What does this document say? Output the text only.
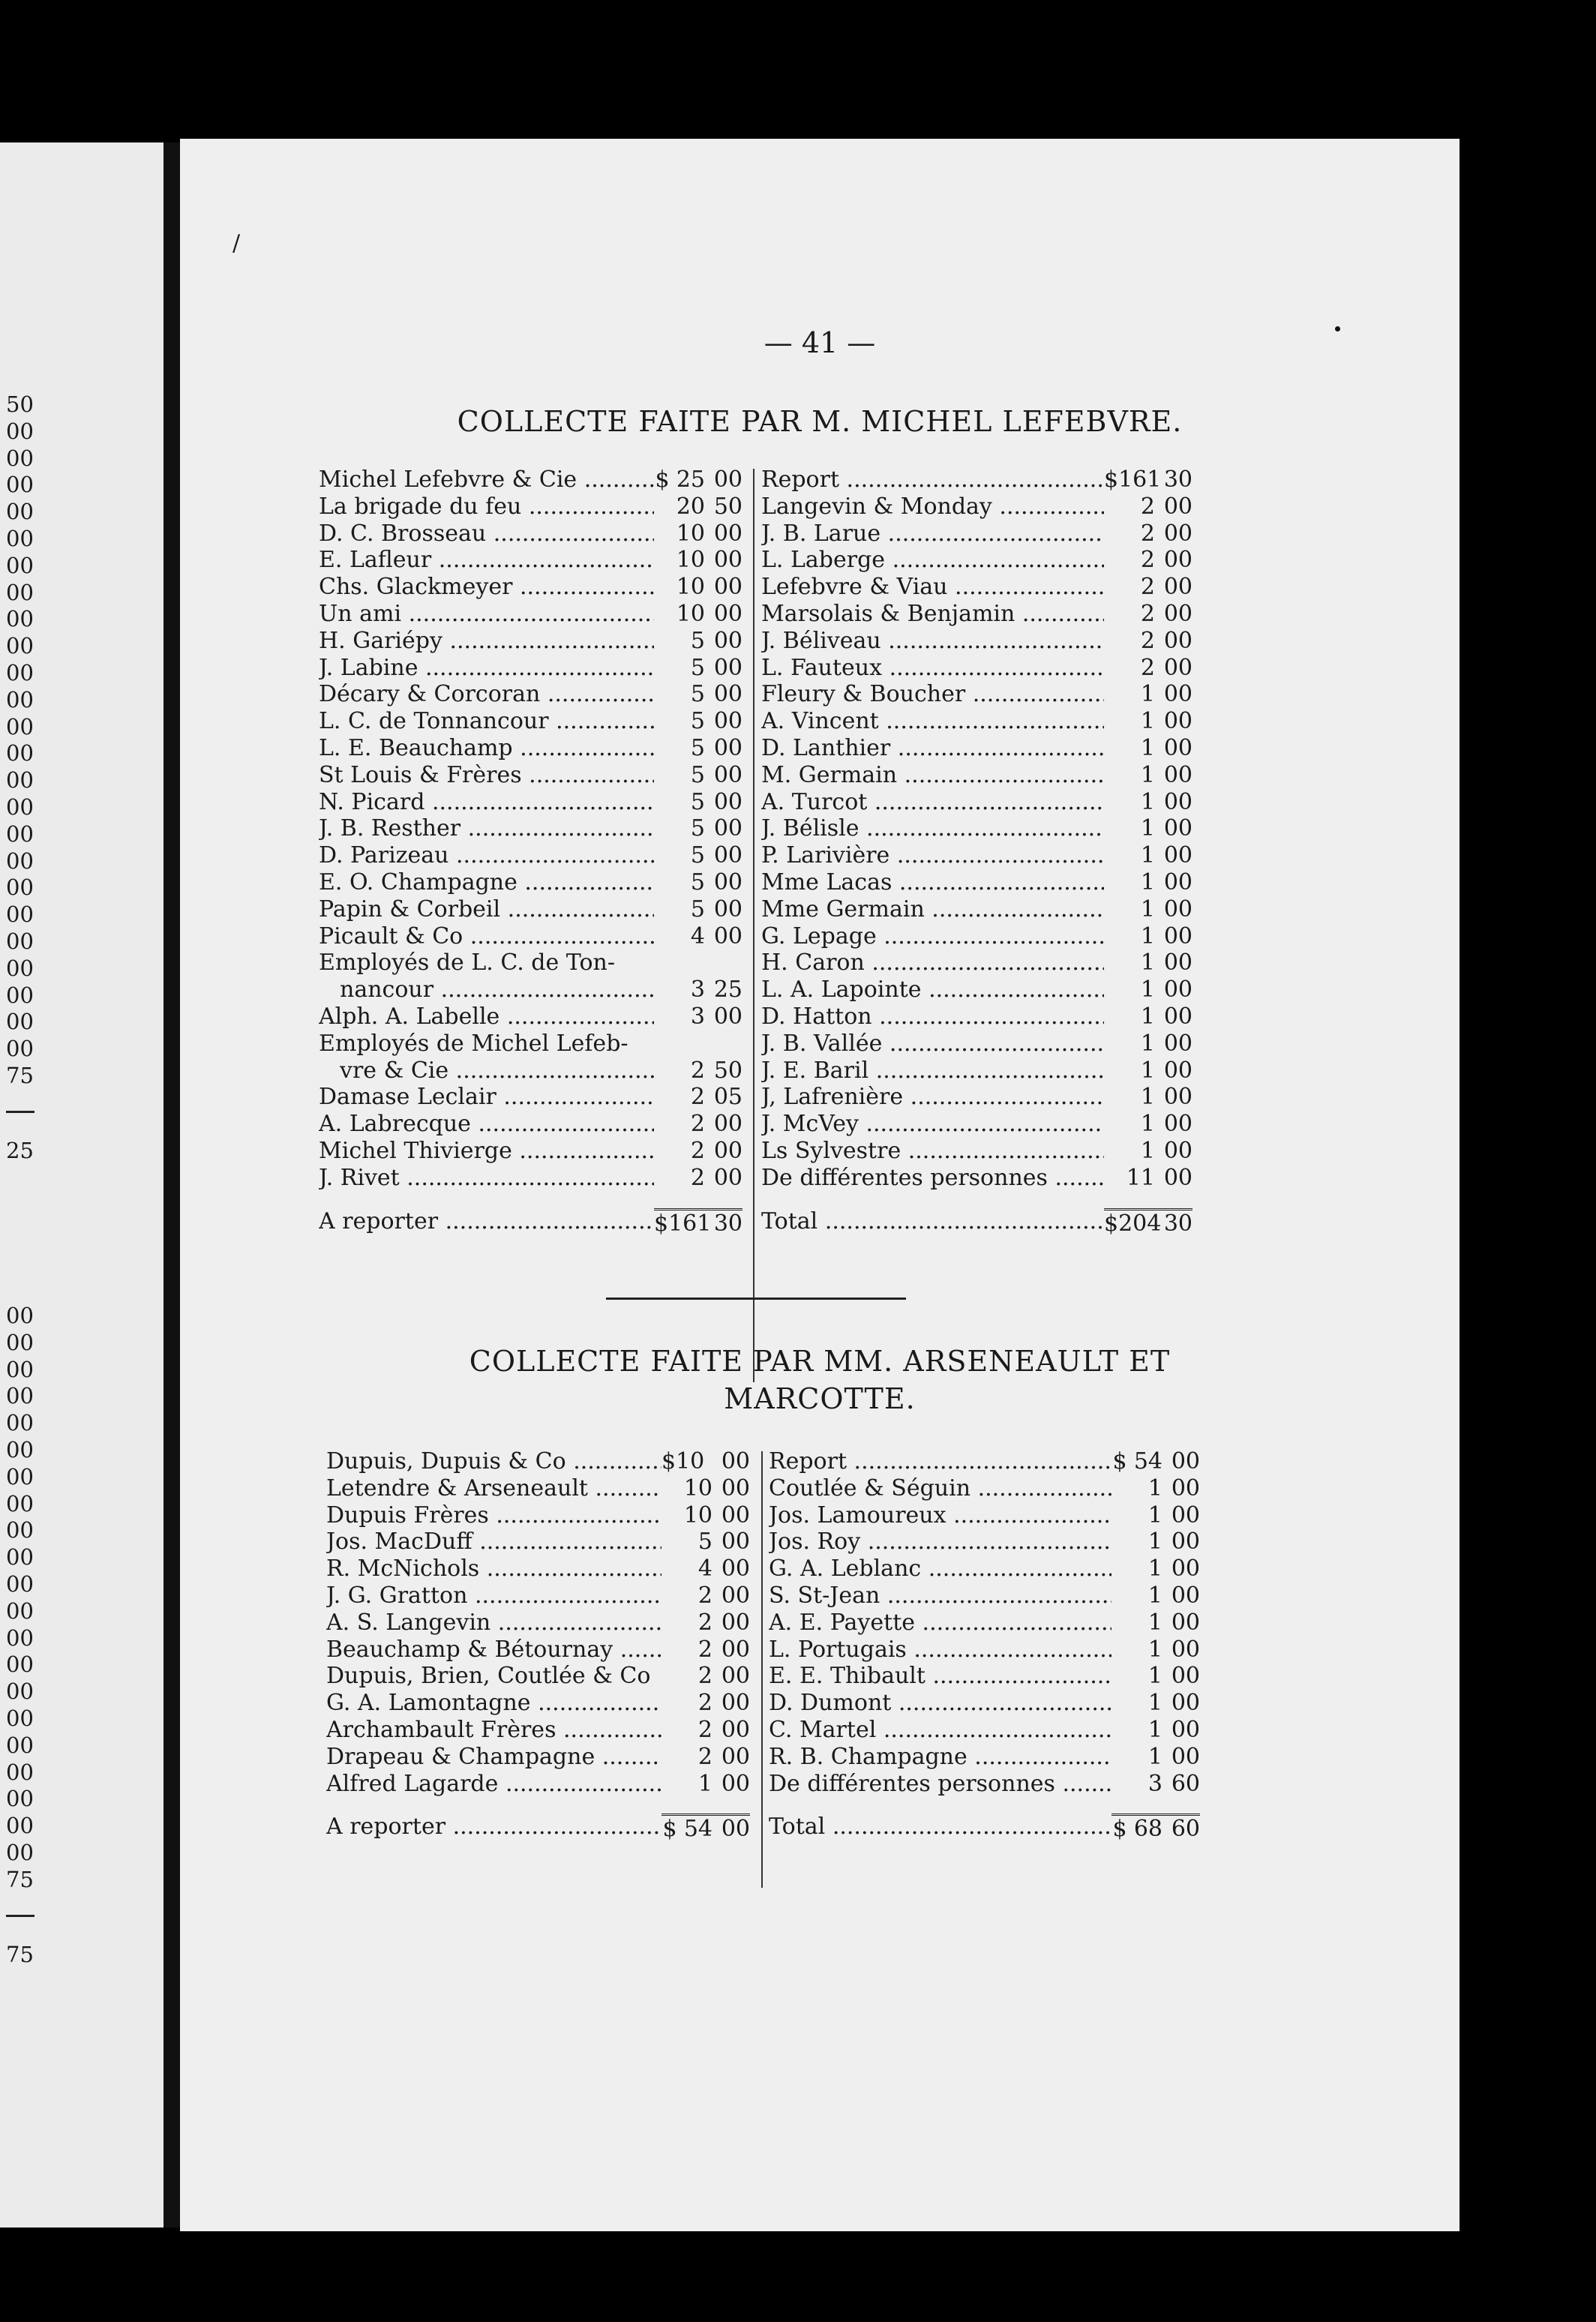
50
00
00
00
00
00
00
00
00
00
00
00
00
00
00
00
00
00
00
00
00
00
00
00
00
75
25
00
00
00
00
00
00
00
00
00
00
00
00
00
00
00
00
00
00
00
00
00
75
75
/
— 41 —
COLLECTE FAITE PAR M. MICHEL LEFEBVRE.
Michel Lefebvre & Cie .....	$ 25 00
La brigade du feu .....	20 50
D. C. Brosseau .....	10 00
E. Lafleur .....	10 00
Chs. Glackmeyer .....	10 00
Un ami .....	10 00
H. Gariépy .....	5 00
J. Labine .....	5 00
Décary & Corcoran .....	5 00
L. C. de Tonnancour .....	5 00
L. E. Beauchamp .....	5 00
St Louis & Frères .....	5 00
N. Picard .....	5 00
J. B. Resther .....	5 00
D. Parizeau .....	5 00
E. O. Champagne .....	5 00
Papin & Corbeil .....	5 00
Picault & Co .....	4 00
Employés de L. C. de Ton-
nancour .....	3 25
Alph. A. Labelle .....	3 00
Employés de Michel Lefeb-
vre & Cie .....	2 50
Damase Leclair .....	2 05
A. Labrecque .....	2 00
Michel Thivierge .....	2 00
J. Rivet .....	2 00
A reporter .....	$161 30
Report .....	$161 30
Langevin & Monday .....	2 00
J. B. Larue .....	2 00
L. Laberge .....	2 00
Lefebvre & Viau .....	2 00
Marsolais & Benjamin .....	2 00
J. Béliveau .....	2 00
L. Fauteux .....	2 00
Fleury & Boucher .....	1 00
A. Vincent .....	1 00
D. Lanthier .....	1 00
M. Germain .....	1 00
A. Turcot .....	1 00
J. Bélisle .....	1 00
P. Larivière .....	1 00
Mme Lacas .....	1 00
Mme Germain .....	1 00
G. Lepage .....	1 00
H. Caron .....	1 00
L. A. Lapointe .....	1 00
D. Hatton .....	1 00
J. B. Vallée .....	1 00
J. E. Baril .....	1 00
J, Lafrenière .....	1 00
J. McVey .....	1 00
Ls Sylvestre .....	1 00
De différentes personnes .....	11 00
Total .....	$204 30
COLLECTE FAITE PAR MM. ARSENEAULT ET
MARCOTTE.
Dupuis, Dupuis & Co .....	$10 00
Letendre & Arseneault .....	10 00
Dupuis Frères .....	10 00
Jos. MacDuff .....	5 00
R. McNichols .....	4 00
J. G. Gratton .....	2 00
A. S. Langevin .....	2 00
Beauchamp & Bétournay .....	2 00
Dupuis, Brien, Coutlée & Co	2 00
G. A. Lamontagne .....	2 00
Archambault Frères .....	2 00
Drapeau & Champagne .....	2 00
Alfred Lagarde .....	1 00
A reporter .....	$ 54 00
Report .....	$ 54 00
Coutlée & Séguin .....	1 00
Jos. Lamoureux .....	1 00
Jos. Roy .....	1 00
G. A. Leblanc .....	1 00
S. St-Jean .....	1 00
A. E. Payette .....	1 00
L. Portugais .....	1 00
E. E. Thibault .....	1 00
D. Dumont .....	1 00
C. Martel .....	1 00
R. B. Champagne .....	1 00
De différentes personnes .....	3 60
Total .....	$ 68 60
